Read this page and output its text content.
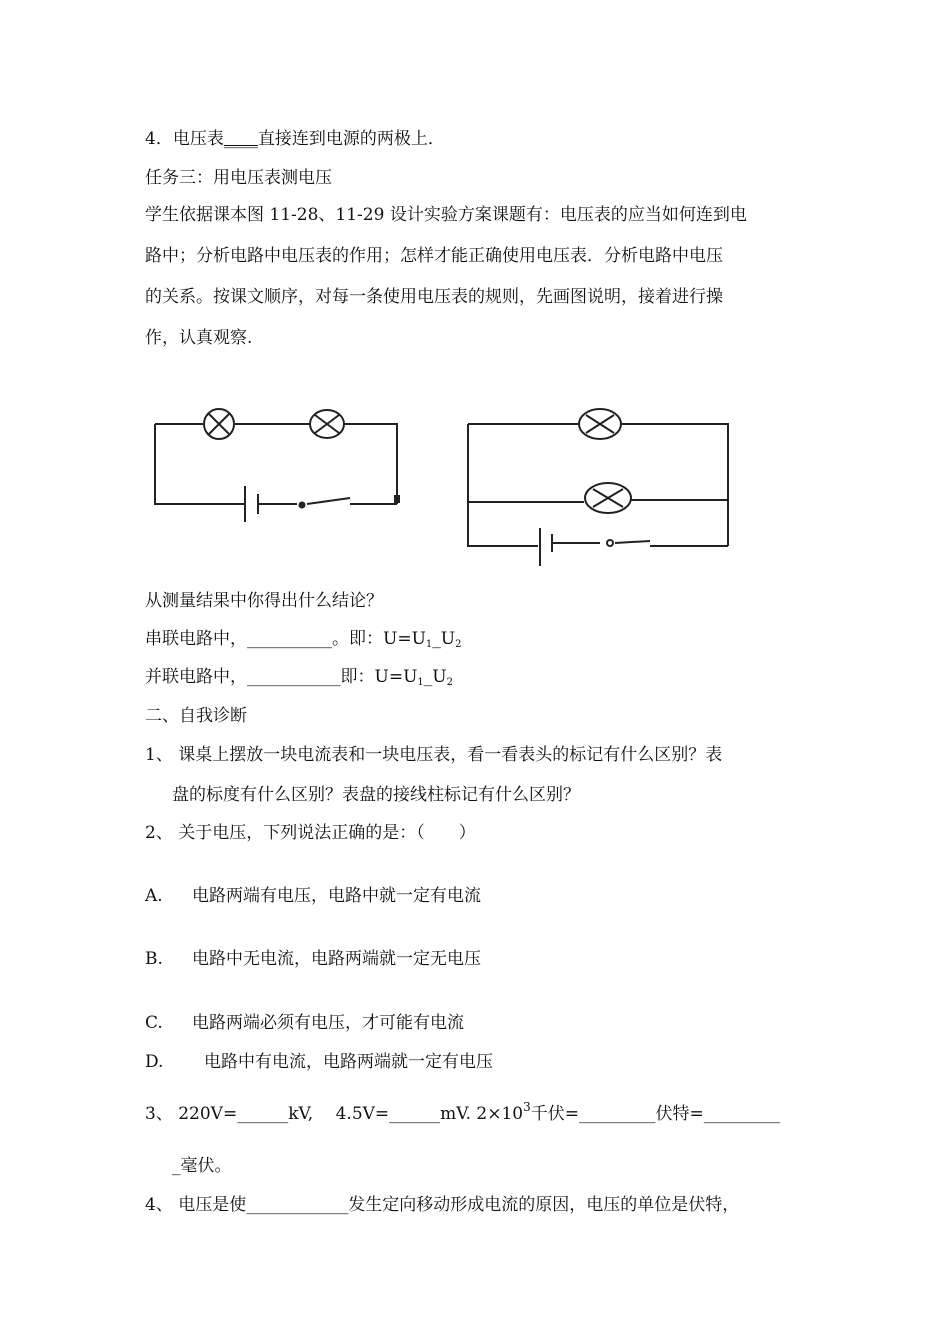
4．电压表____直接连到电源的两极上．
任务三：用电压表测电压
学生依据课本图 11-28、11-29 设计实验方案课题有：电压表的应当如何连到电
路中；分析电路中电压表的作用；怎样才能正确使用电压表．分析电路中电压
的关系。按课文顺序，对每一条使用电压表的规则，先画图说明，接着进行操
作，认真观察.
从测量结果中你得出什么结论？
串联电路中，__________。即：$U=U_1\_U_2$
并联电路中，___________即：$U=U_1\_U_2$
二、自我诊断
1、 课桌上摆放一块电流表和一块电压表，看一看表头的标记有什么区别？表
盘的标度有什么区别？表盘的接线柱标记有什么区别？
2、 关于电压，下列说法正确的是：（　　）
A. 电路两端有电压，电路中就一定有电流
B. 电路中无电流，电路两端就一定无电压
C. 电路两端必须有电压，才可能有电流
D. 电路中有电流，电路两端就一定有电压
3、 220V=______kV,　 4.5V=______mV. $2\times 10^3$千伏=_________伏特=_________
_毫伏。
4、 电压是使____________发生定向移动形成电流的原因，电压的单位是伏特，
